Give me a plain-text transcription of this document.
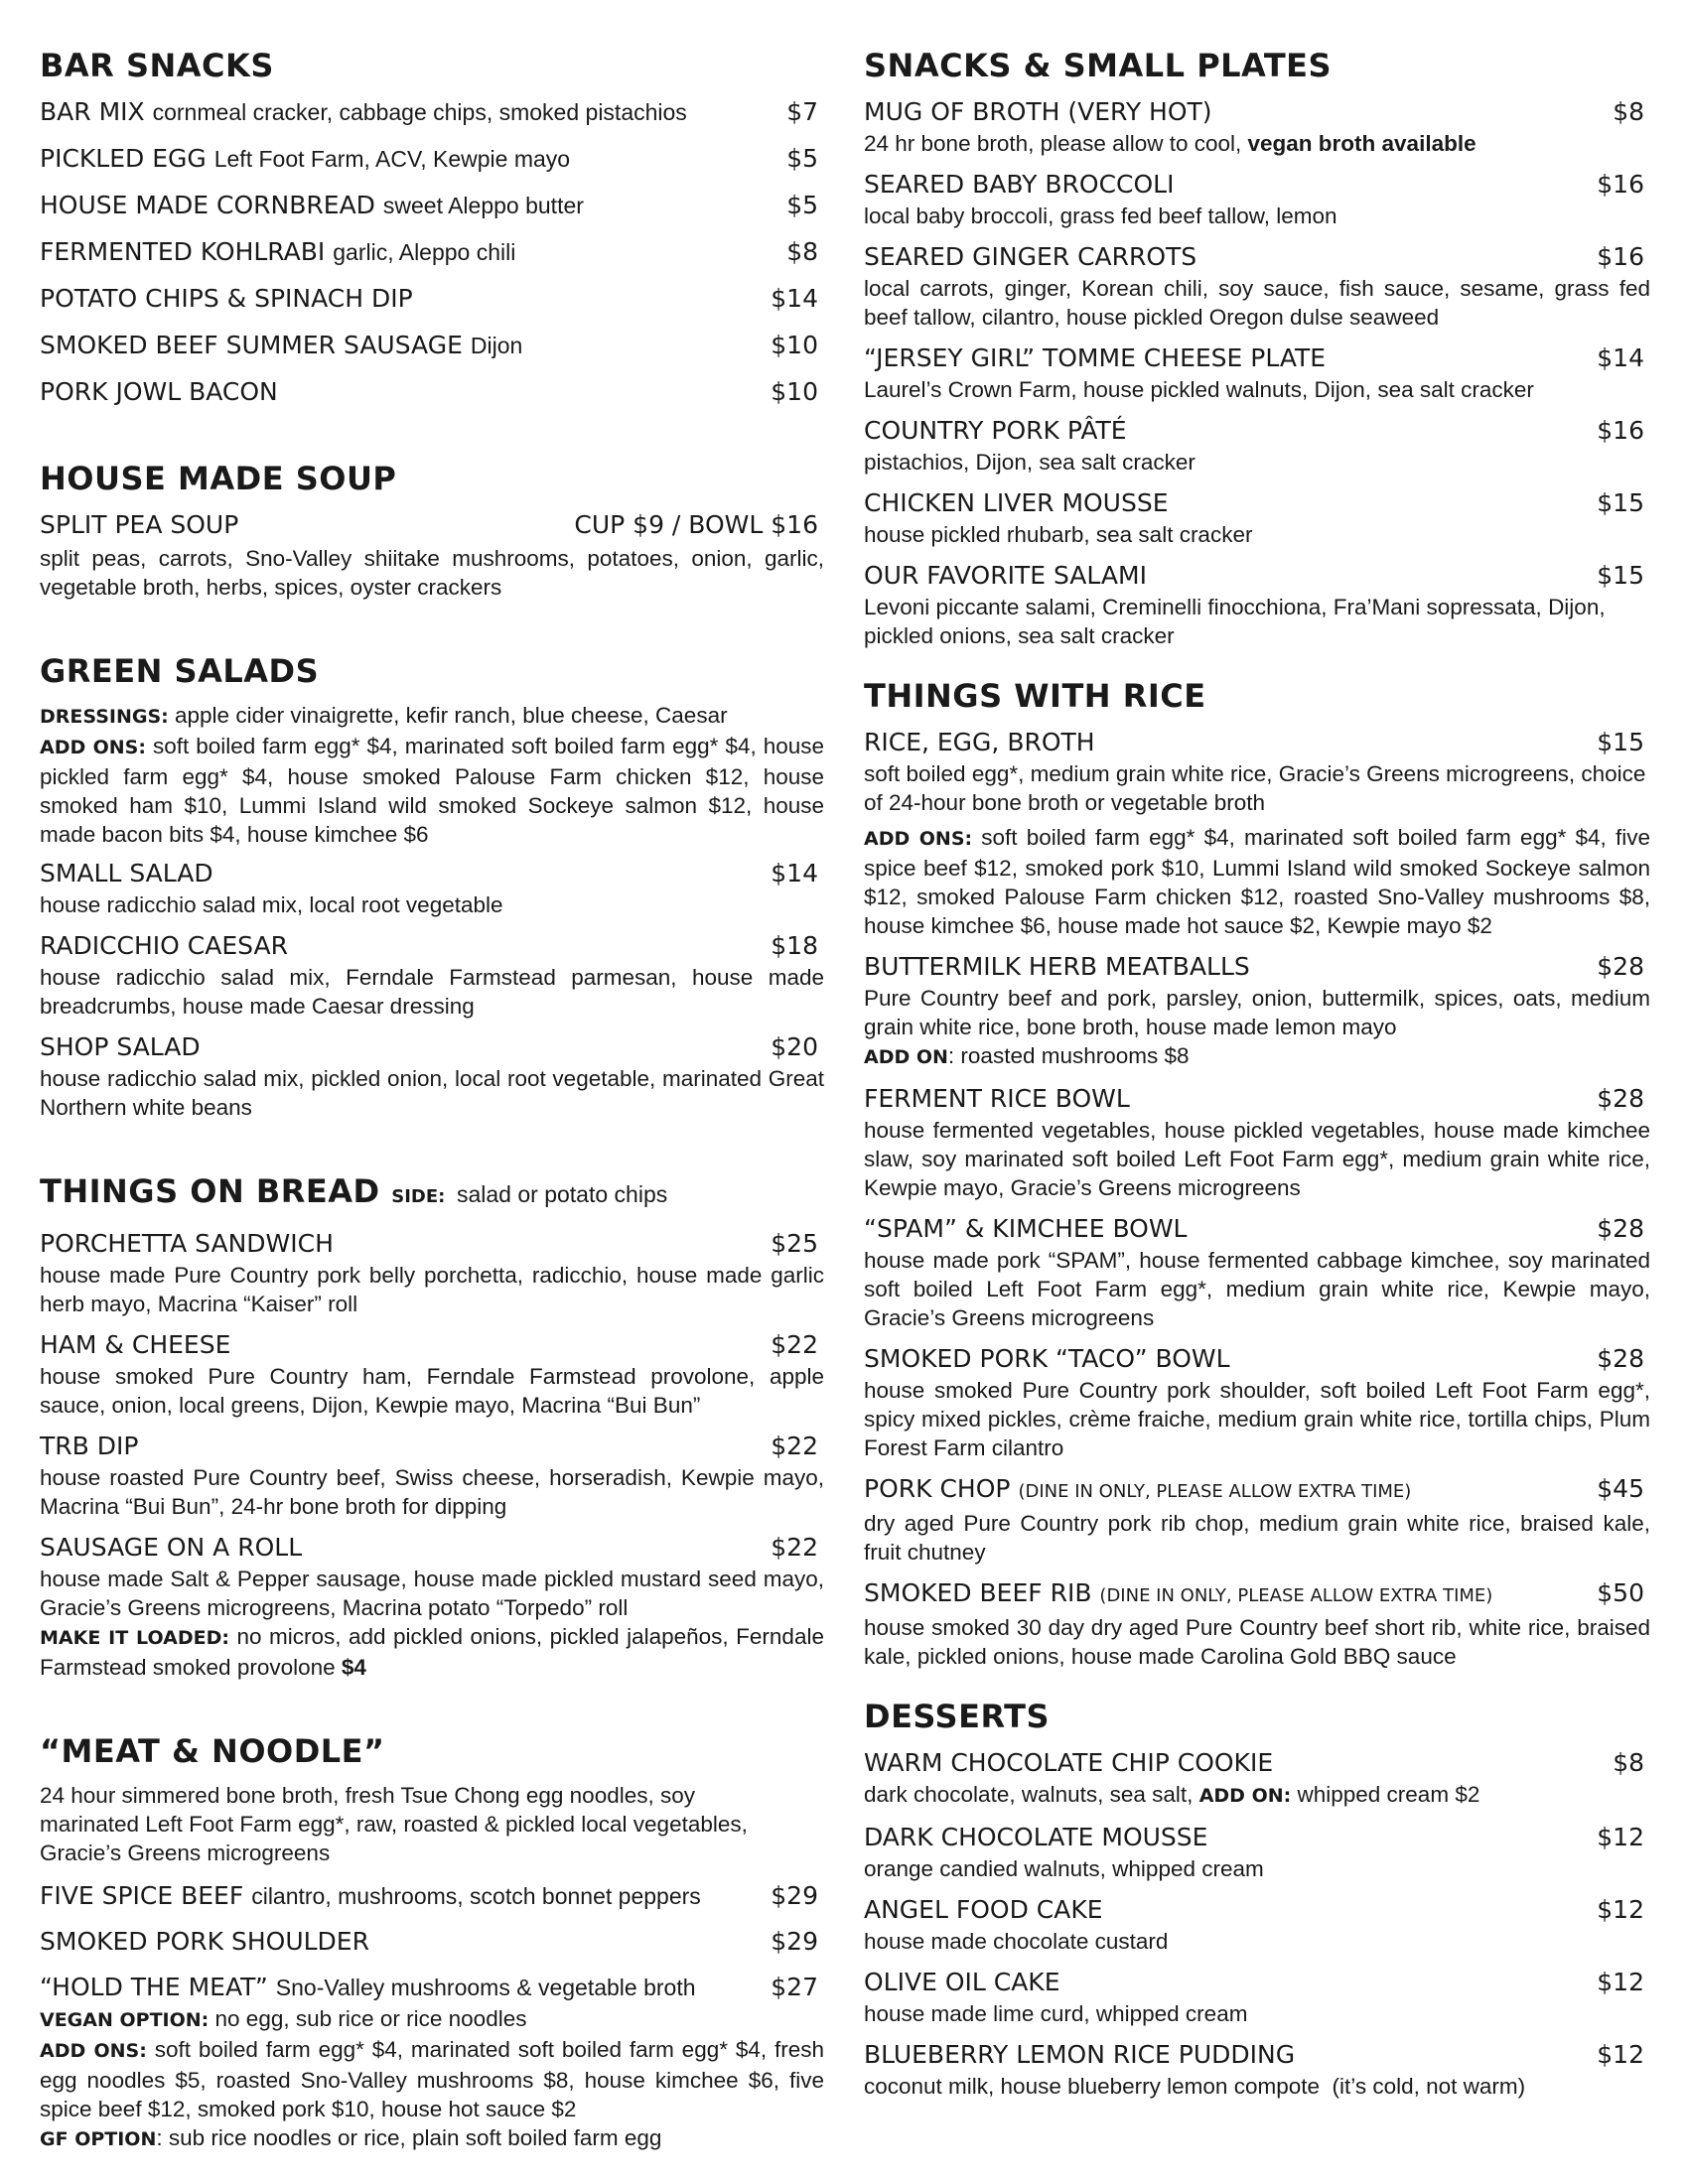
BAR SNACKS
BAR MIX cornmeal cracker, cabbage chips, smoked pistachios	$7
PICKLED EGG Left Foot Farm, ACV, Kewpie mayo	$5
HOUSE MADE CORNBREAD sweet Aleppo butter	$5
FERMENTED KOHLRABI garlic, Aleppo chili	$8
POTATO CHIPS & SPINACH DIP	$14
SMOKED BEEF SUMMER SAUSAGE Dijon	$10
PORK JOWL BACON	$10
HOUSE MADE SOUP
SPLIT PEA SOUP	CUP $9 / BOWL $16
split peas, carrots, Sno-Valley shiitake mushrooms, potatoes, onion, garlic, vegetable broth, herbs, spices, oyster crackers
GREEN SALADS
DRESSINGS: apple cider vinaigrette, kefir ranch, blue cheese, Caesar
ADD ONS: soft boiled farm egg* $4, marinated soft boiled farm egg* $4, house pickled farm egg* $4, house smoked Palouse Farm chicken $12, house smoked ham $10, Lummi Island wild smoked Sockeye salmon $12, house made bacon bits $4, house kimchee $6
SMALL SALAD	$14
house radicchio salad mix, local root vegetable
RADICCHIO CAESAR	$18
house radicchio salad mix, Ferndale Farmstead parmesan, house made breadcrumbs, house made Caesar dressing
SHOP SALAD	$20
house radicchio salad mix, pickled onion, local root vegetable, marinated Great Northern white beans
THINGS ON BREAD SIDE: salad or potato chips
PORCHETTA SANDWICH	$25
house made Pure Country pork belly porchetta, radicchio, house made garlic herb mayo, Macrina “Kaiser” roll
HAM & CHEESE	$22
house smoked Pure Country ham, Ferndale Farmstead provolone, apple sauce, onion, local greens, Dijon, Kewpie mayo, Macrina “Bui Bun”
TRB DIP	$22
house roasted Pure Country beef, Swiss cheese, horseradish, Kewpie mayo, Macrina “Bui Bun”, 24-hr bone broth for dipping
SAUSAGE ON A ROLL	$22
house made Salt & Pepper sausage, house made pickled mustard seed mayo, Gracie’s Greens microgreens, Macrina potato “Torpedo” roll
MAKE IT LOADED: no micros, add pickled onions, pickled jalapeños, Ferndale Farmstead smoked provolone $4
“MEAT & NOODLE”
24 hour simmered bone broth, fresh Tsue Chong egg noodles, soy marinated Left Foot Farm egg*, raw, roasted & pickled local vegetables, Gracie’s Greens microgreens
FIVE SPICE BEEF cilantro, mushrooms, scotch bonnet peppers	$29
SMOKED PORK SHOULDER	$29
“HOLD THE MEAT” Sno-Valley mushrooms & vegetable broth	$27
VEGAN OPTION: no egg, sub rice or rice noodles
ADD ONS: soft boiled farm egg* $4, marinated soft boiled farm egg* $4, fresh egg noodles $5, roasted Sno-Valley mushrooms $8, house kimchee $6, five spice beef $12, smoked pork $10, house hot sauce $2
GF OPTION: sub rice noodles or rice, plain soft boiled farm egg
SNACKS & SMALL PLATES
MUG OF BROTH (VERY HOT)	$8
24 hr bone broth, please allow to cool, vegan broth available
SEARED BABY BROCCOLI	$16
local baby broccoli, grass fed beef tallow, lemon
SEARED GINGER CARROTS	$16
local carrots, ginger, Korean chili, soy sauce, fish sauce, sesame, grass fed beef tallow, cilantro, house pickled Oregon dulse seaweed
“JERSEY GIRL” TOMME CHEESE PLATE	$14
Laurel’s Crown Farm, house pickled walnuts, Dijon, sea salt cracker
COUNTRY PORK PÂTÉ	$16
pistachios, Dijon, sea salt cracker
CHICKEN LIVER MOUSSE	$15
house pickled rhubarb, sea salt cracker
OUR FAVORITE SALAMI	$15
Levoni piccante salami, Creminelli finocchiona, Fra’Mani sopressata, Dijon, pickled onions, sea salt cracker
THINGS WITH RICE
RICE, EGG, BROTH	$15
soft boiled egg*, medium grain white rice, Gracie’s Greens microgreens, choice of 24-hour bone broth or vegetable broth
ADD ONS: soft boiled farm egg* $4, marinated soft boiled farm egg* $4, five spice beef $12, smoked pork $10, Lummi Island wild smoked Sockeye salmon $12, smoked Palouse Farm chicken $12, roasted Sno-Valley mushrooms $8, house kimchee $6, house made hot sauce $2, Kewpie mayo $2
BUTTERMILK HERB MEATBALLS	$28
Pure Country beef and pork, parsley, onion, buttermilk, spices, oats, medium grain white rice, bone broth, house made lemon mayo
ADD ON: roasted mushrooms $8
FERMENT RICE BOWL	$28
house fermented vegetables, house pickled vegetables, house made kimchee slaw, soy marinated soft boiled Left Foot Farm egg*, medium grain white rice, Kewpie mayo, Gracie’s Greens microgreens
“SPAM” & KIMCHEE BOWL	$28
house made pork “SPAM”, house fermented cabbage kimchee, soy marinated soft boiled Left Foot Farm egg*, medium grain white rice, Kewpie mayo, Gracie’s Greens microgreens
SMOKED PORK “TACO” BOWL	$28
house smoked Pure Country pork shoulder, soft boiled Left Foot Farm egg*, spicy mixed pickles, crème fraiche, medium grain white rice, tortilla chips, Plum Forest Farm cilantro
PORK CHOP (DINE IN ONLY, PLEASE ALLOW EXTRA TIME)	$45
dry aged Pure Country pork rib chop, medium grain white rice, braised kale, fruit chutney
SMOKED BEEF RIB (DINE IN ONLY, PLEASE ALLOW EXTRA TIME)	$50
house smoked 30 day dry aged Pure Country beef short rib, white rice, braised kale, pickled onions, house made Carolina Gold BBQ sauce
DESSERTS
WARM CHOCOLATE CHIP COOKIE	$8
dark chocolate, walnuts, sea salt, ADD ON: whipped cream $2
DARK CHOCOLATE MOUSSE	$12
orange candied walnuts, whipped cream
ANGEL FOOD CAKE	$12
house made chocolate custard
OLIVE OIL CAKE	$12
house made lime curd, whipped cream
BLUEBERRY LEMON RICE PUDDING	$12
coconut milk, house blueberry lemon compote  (it’s cold, not warm)
